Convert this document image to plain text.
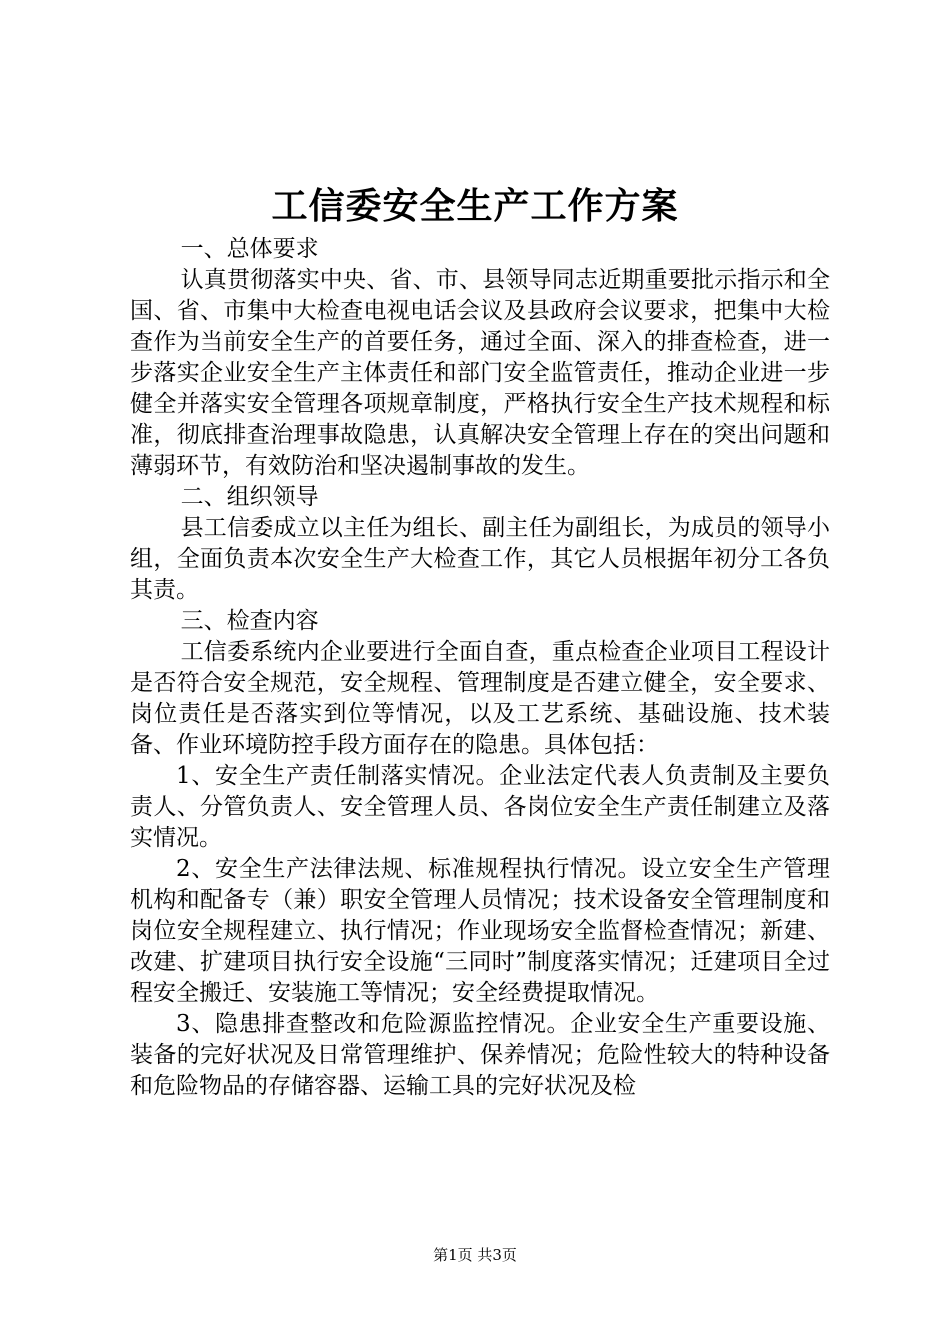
工信委安全生产工作方案

一、总体要求

认真贯彻落实中央、省、市、县领导同志近期重要批示指示和全国、省、市集中大检查电视电话会议及县政府会议要求，把集中大检查作为当前安全生产的首要任务，通过全面、深入的排查检查，进一步落实企业安全生产主体责任和部门安全监管责任，推动企业进一步健全并落实安全管理各项规章制度，严格执行安全生产技术规程和标准，彻底排查治理事故隐患，认真解决安全管理上存在的突出问题和薄弱环节，有效防治和坚决遏制事故的发生。

二、组织领导

县工信委成立以主任为组长、副主任为副组长，为成员的领导小组，全面负责本次安全生产大检查工作，其它人员根据年初分工各负其责。

三、检查内容

工信委系统内企业要进行全面自查，重点检查企业项目工程设计是否符合安全规范，安全规程、管理制度是否建立健全，安全要求、岗位责任是否落实到位等情况，以及工艺系统、基础设施、技术装备、作业环境防控手段方面存在的隐患。具体包括：

1、安全生产责任制落实情况。企业法定代表人负责制及主要负责人、分管负责人、安全管理人员、各岗位安全生产责任制建立及落实情况。

2、安全生产法律法规、标准规程执行情况。设立安全生产管理机构和配备专（兼）职安全管理人员情况；技术设备安全管理制度和岗位安全规程建立、执行情况；作业现场安全监督检查情况；新建、改建、扩建项目执行安全设施“三同时”制度落实情况；迁建项目全过程安全搬迁、安装施工等情况；安全经费提取情况。

3、隐患排查整改和危险源监控情况。企业安全生产重要设施、装备的完好状况及日常管理维护、保养情况；危险性较大的特种设备和危险物品的存储容器、运输工具的完好状况及检

第1页 共3页
